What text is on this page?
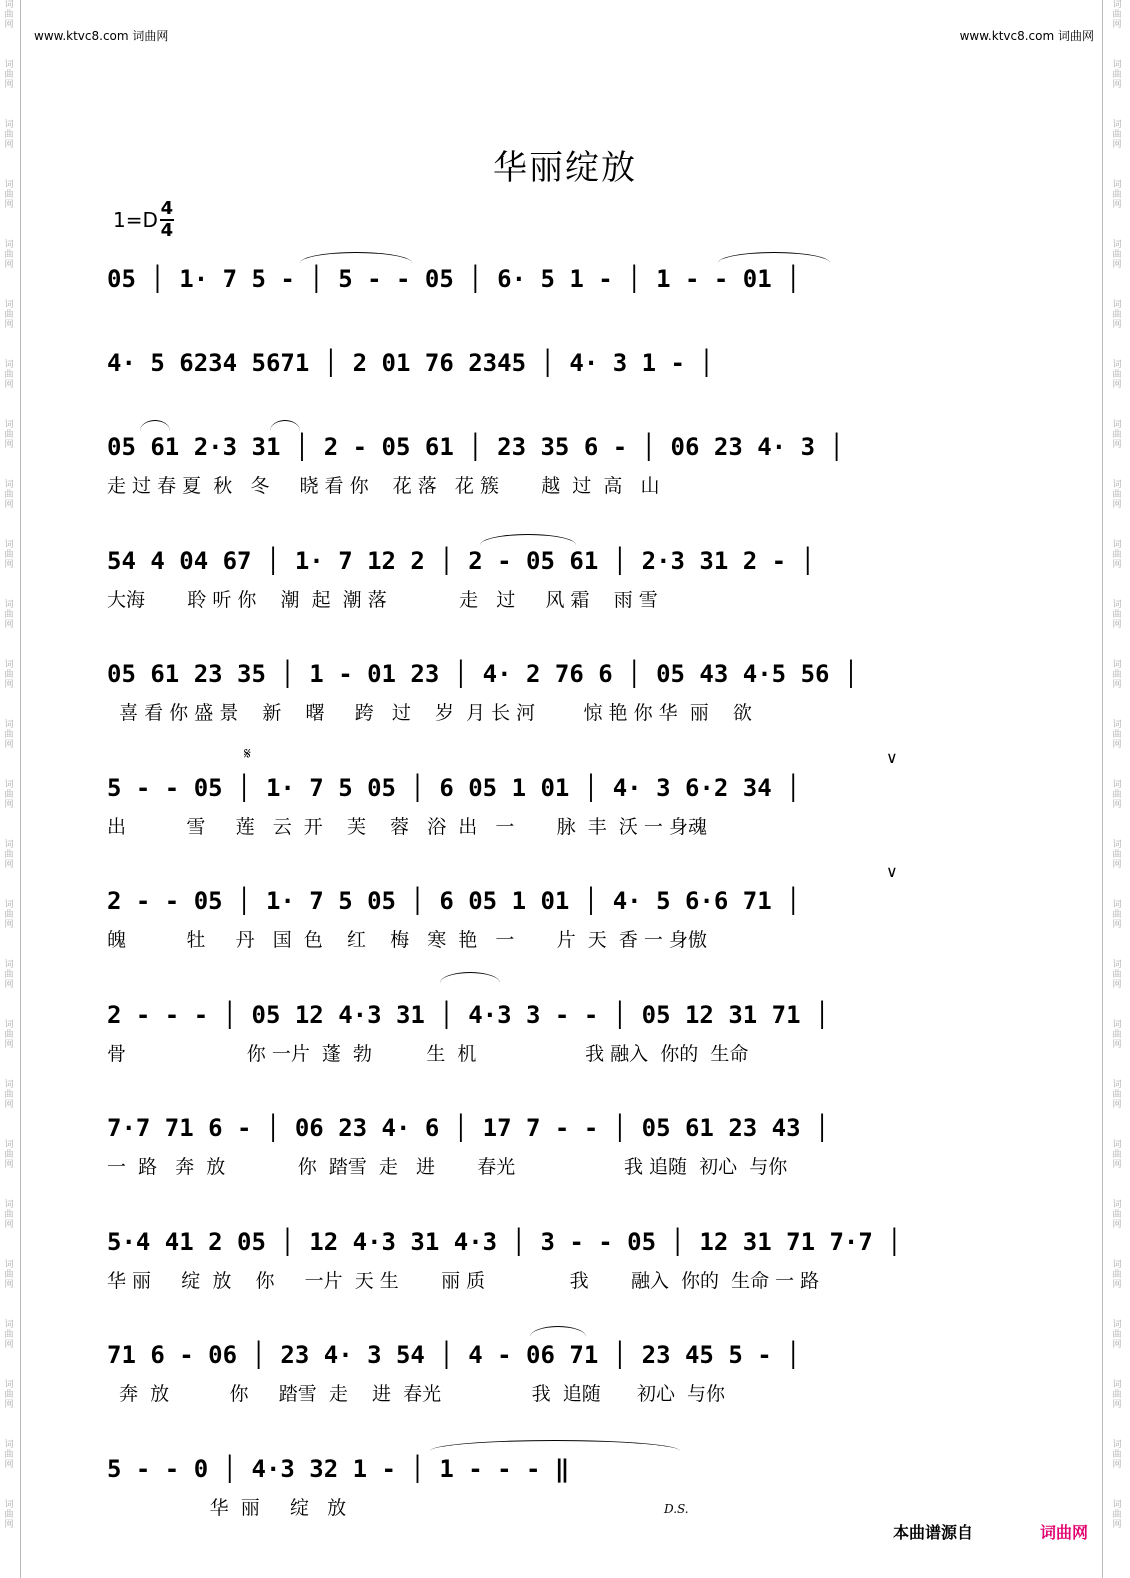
词
曲
网
词
曲
网
词
曲
网
词
曲
网
词
曲
网
词
曲
网
词
曲
网
词
曲
网
词
曲
网
词
曲
网
词
曲
网
词
曲
网
词
曲
网
词
曲
网
词
曲
网
词
曲
网
词
曲
网
词
曲
网
词
曲
网
词
曲
网
词
曲
网
词
曲
网
词
曲
网
词
曲
网
词
曲
网
词
曲
网
词
曲
网
词
曲
网
词
曲
网
词
曲
网
词
曲
网
词
曲
网
词
曲
网
词
曲
网
词
曲
网
词
曲
网
词
曲
网
词
曲
网
词
曲
网
词
曲
网
词
曲
网
词
曲
网
词
曲
网
词
曲
网
词
曲
网
词
曲
网
词
曲
网
词
曲
网
词
曲
网
词
曲
网
词
曲
网
词
曲
网
www.ktvc8.com 词曲网	www.ktvc8.com 词曲网
华丽绽放
$1=D \frac{4}{4}$
05 │ 1· 7 5 - │ 5 - - 05 │ 6· 5 1 - │ 1 - - 01 │
4· 5 6234 5671 │ 2 01 76 2345 │ 4· 3 1 - │
05 61 2·3 31 │ 2 - 05 61 │ 23 35 6 - │ 06 23 4· 3 │
走 过 春 夏  秋   冬     晓 看 你    花 落   花 簇       越  过  高   山
54 4 04 67 │ 1· 7 12 2 │ 2 - 05 61 │ 2·3 31 2 - │
大海       聆 听 你    潮  起  潮 落            走   过     风 霜    雨 雪
05 61 23 35 │ 1 - 01 23 │ 4· 2 76 6 │ 05 43 4·5 56 │
喜 看 你 盛 景    新    曙     跨   过    岁  月 长 河        惊 艳 你 华  丽    欲
5 - - 05 │ 1· 7 5 05 │ 6 05 1 01 │ 4· 3 6·2 34 │
出          雪     莲   云  开    芙    蓉   浴  出   一       脉  丰  沃 一 身魂
2 - - 05 │ 1· 7 5 05 │ 6 05 1 01 │ 4· 5 6·6 71 │
魄          牡     丹   国  色    红    梅   寒  艳   一       片  天  香 一 身傲
2 - - - │ 05 12 4·3 31 │ 4·3 3 - - │ 05 12 31 71 │
骨                    你 一片  蓬  勃         生  机                  我 融入  你的  生命
7·7 71 6 - │ 06 23 4· 6 │ 17 7 - - │ 05 61 23 43 │
一  路   奔  放            你  踏雪  走   进       春光                  我 追随  初心  与你
5·4 41 2 05 │ 12 4·3 31 4·3 │ 3 - - 05 │ 12 31 71 7·7 │
华 丽     绽  放    你     一片  天 生       丽 质              我       融入  你的  生命 一 路
71 6 - 06 │ 23 4· 3 54 │ 4 - 06 71 │ 23 45 5 - │
奔  放          你     踏雪  走    进  春光               我  追随      初心  与你
5 - - 0 │ 4·3 32 1 - │ 1 - - - ‖
华  丽     绽   放
𝄋	∨
∨
D.S.
本曲谱源自	词曲网
